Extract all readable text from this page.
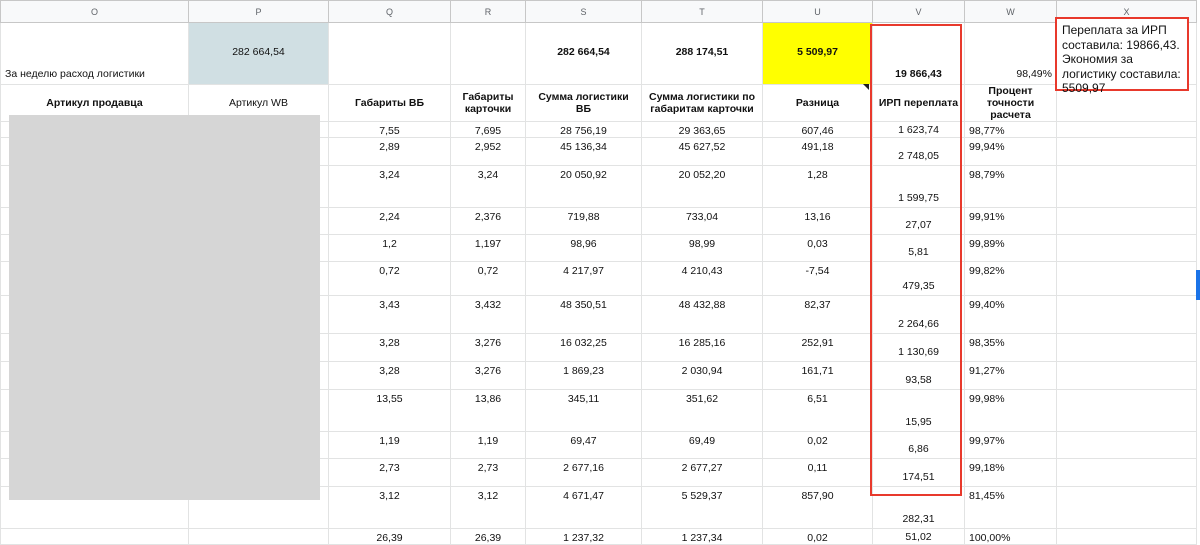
O	P	Q	R	S	T	U	V	W	X
За неделю расход логистики	282 664,54			282 664,54	288 174,51	5 509,97	19 866,43	98,49%	
Артикул продавца	Артикул WB	Габариты ВБ	Габариты карточки	Сумма логистики ВБ	Сумма логистики по габаритам карточки	Разница	ИРП переплата	Процент точности расчета	
		7,55	7,695	28 756,19	29 363,65	607,46	1 623,74	98,77%	
		2,89	2,952	45 136,34	45 627,52	491,18	2 748,05	99,94%	
		3,24	3,24	20 050,92	20 052,20	1,28	1 599,75	98,79%	
		2,24	2,376	719,88	733,04	13,16	27,07	99,91%	
		1,2	1,197	98,96	98,99	0,03	5,81	99,89%	
		0,72	0,72	4 217,97	4 210,43	-7,54	479,35	99,82%	
		3,43	3,432	48 350,51	48 432,88	82,37	2 264,66	99,40%	
		3,28	3,276	16 032,25	16 285,16	252,91	1 130,69	98,35%	
		3,28	3,276	1 869,23	2 030,94	161,71	93,58	91,27%	
		13,55	13,86	345,11	351,62	6,51	15,95	99,98%	
		1,19	1,19	69,47	69,49	0,02	6,86	99,97%	
		2,73	2,73	2 677,16	2 677,27	0,11	174,51	99,18%	
		3,12	3,12	4 671,47	5 529,37	857,90	282,31	81,45%	
		26,39	26,39	1 237,32	1 237,34	0,02	51,02	100,00%	
Переплата за ИРП составила: 19866,43. Экономия за логистику составила: 5509,97
